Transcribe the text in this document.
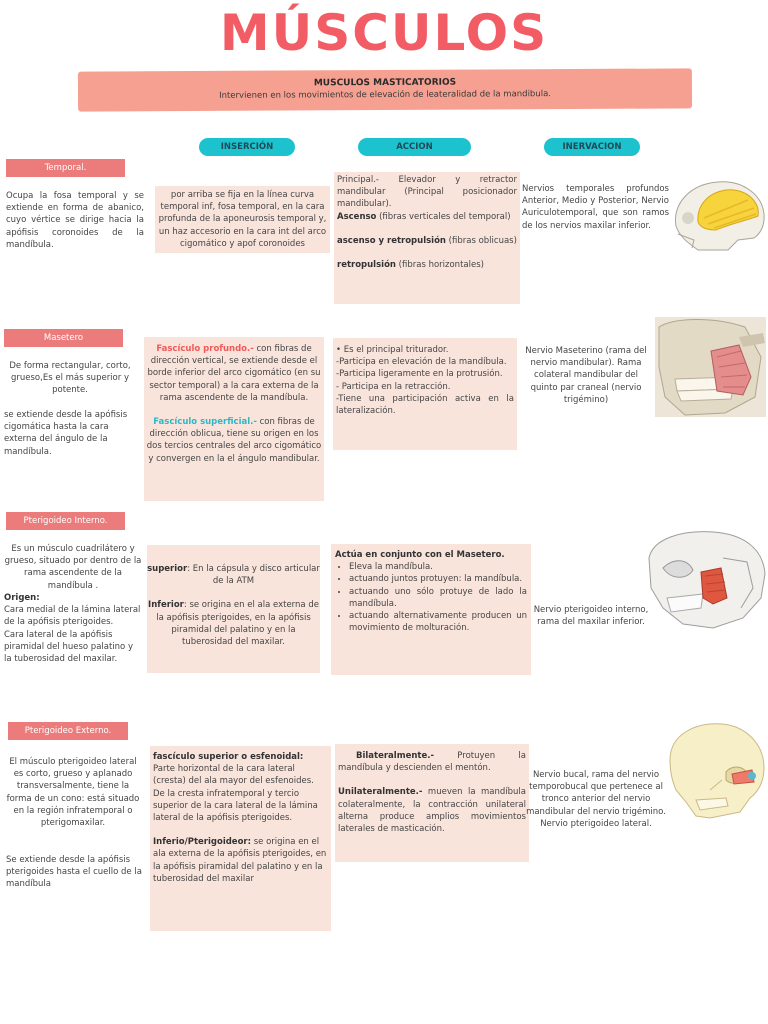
MÚSCULOS
MUSCULOS MASTICATORIOS
Intervienen en los movimientos de elevación de leateralidad de la mandibula.
INSERCIÓN	ACCION	INERVACION
Temporal.
Ocupa la fosa temporal y se extiende en forma de abanico, cuyo vértice se dirige hacia la apófisis coronoides de la mandíbula.
por arriba se fija en la línea curva temporal inf, fosa temporal, en la cara profunda de la aponeurosis temporal y, un haz accesorio en la cara int del arco cigomático y apof coronoides

Principal.- Elevador y retractor mandibular (Principal posicionador mandibular).

Ascenso (fibras verticales del temporal)

ascenso y retropulsión (fibras oblicuas)

retropulsión (fibras horizontales)

Nervios temporales profundos Anterior, Medio y Posterior, Nervio Auriculotemporal, que son ramos de los nervios maxilar inferior.
Masetero
De forma rectangular, corto, grueso,Es el más superior y potente.
se extiende desde la apófisis cigomática hasta la cara externa del ángulo de la mandíbula.

Fascículo profundo.- con fibras de dirección vertical, se extiende desde el borde inferior del arco cigomático (en su sector temporal) a la cara externa de la rama ascendente de la mandíbula.

Fascículo superficial.- con fibras de dirección oblicua, tiene su origen en los dos tercios centrales del arco cigomático y convergen en la el ángulo mandibular.

• Es el principal triturador.

-Participa en elevación de la mandíbula.

-Participa ligeramente en la protrusión.

- Participa en la retracción.

-Tiene una participación activa en la lateralización.

Nervio Maseterino (rama del nervio mandibular). Rama colateral mandibular del quinto par craneal (nervio trigémino)
Pterigoideo Interno.
Es un músculo cuadrilátero y grueso, situado por dentro de la rama ascendente de la mandíbula .

Origen:

Cara medial de la lámina lateral de la apófisis pterigoides.

Cara lateral de la apófisis piramidal del hueso palatino y la tuberosidad del maxilar.

superior: En la cápsula y disco articular de la ATM

Inferior: se origina en el ala externa de la apófisis pterigoides, en la apófisis piramidal del palatino y en la tuberosidad del maxilar.

Actúa en conjunto con el Masetero.

• Eleva la mandíbula.
• actuando juntos protuyen: la mandíbula.
• actuando uno sólo protuye de lado la mandíbula.
• actuando alternativamente producen un movimiento de molturación.
Nervio pterigoideo interno, rama del maxilar inferior.
Pterigoideo Externo.
El músculo pterigoideo lateral es corto, grueso y aplanado transversalmente, tiene la forma de un cono: está situado en la región infratemporal o pterigomaxilar.
Se extiende desde la apófisis pterigoides hasta el cuello de la mandíbula

fascículo superior o esfenoidal: Parte horizontal de la cara lateral (cresta) del ala mayor del esfenoides. De la cresta infratemporal y tercio superior de la cara lateral de la lámina lateral de la apófisis pterigoides.

Inferio/Pterigoideor: se origina en el ala externa de la apófisis pterigoides, en la apófisis piramidal del palatino y en la tuberosidad del maxilar

Bilateralmente.- Protuyen la mandíbula y descienden el mentón.

Unilateralmente.- mueven la mandíbula colateralmente, la contracción unilateral alterna produce amplios movimientos laterales de masticación.

Nervio bucal, rama del nervio temporobucal que pertenece al tronco anterior del nervio mandibular del nervio trigémino. Nervio pterigoideo lateral.
